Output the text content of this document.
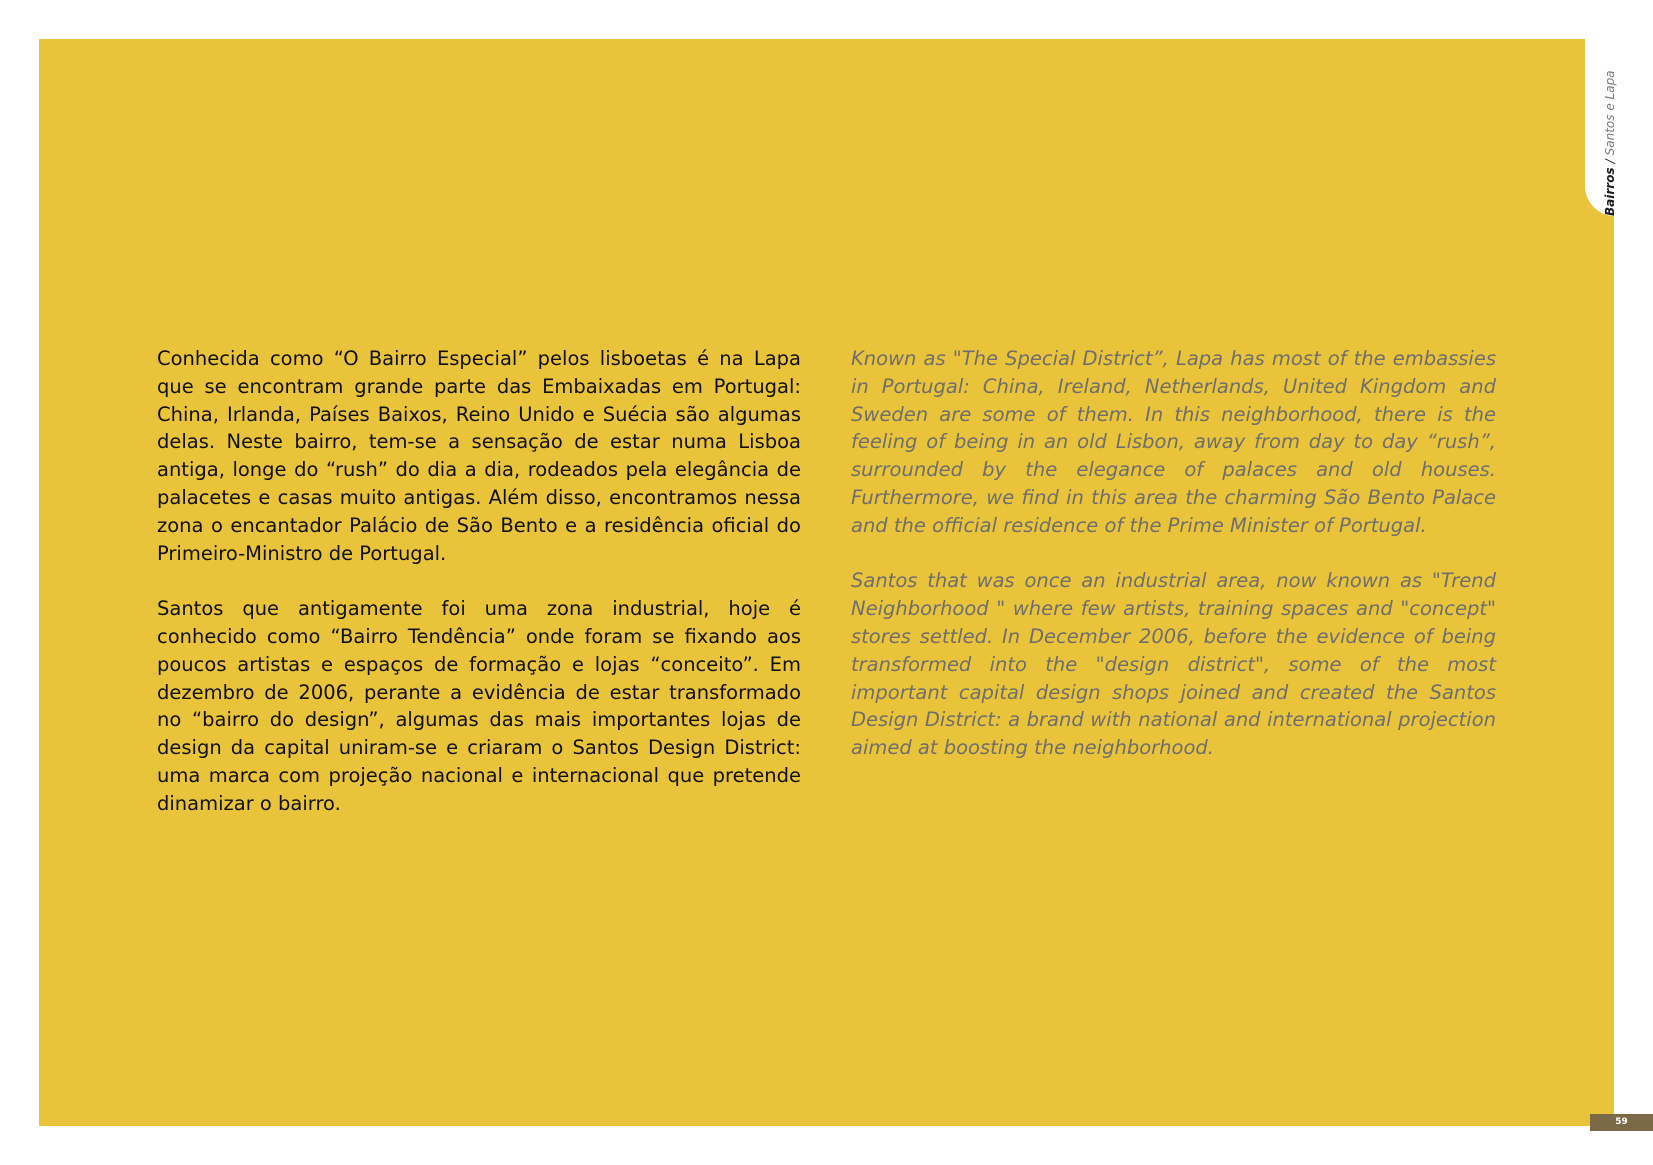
Bairros/Santos e Lapa

Conhecida como “O Bairro Especial” pelos lisboetas é na Lapa que se encontram grande parte das Embaixadas em Portugal: China, Irlanda, Países Baixos, Reino Unido e Suécia são algumas delas. Neste bairro, tem-se a sensação de estar numa Lisboa antiga, longe do “rush” do dia a dia, rodeados pela elegância de palacetes e casas muito antigas. Além disso, encontramos nessa zona o encantador Palácio de São Bento e a residência oficial do Primeiro-Ministro de Portugal.

Santos que antigamente foi uma zona industrial, hoje é conhecido como “Bairro Tendência” onde foram se fixando aos poucos artistas e espaços de formação e lojas “conceito”. Em dezembro de 2006, perante a evidência de estar transformado no “bairro do design”, algumas das mais importantes lojas de design da capital uniram-se e criaram o Santos Design District: uma marca com projeção nacional e internacional que pretende dinamizar o bairro.

Known as "The Special District”, Lapa has most of the embassies in Portugal: China, Ireland, Netherlands, United Kingdom and Sweden are some of them. In this neighborhood, there is the feeling of being in an old Lisbon, away from day to day “rush”, surrounded by the elegance of palaces and old houses. Furthermore, we find in this area the charming São Bento Palace and the official residence of the Prime Minister of Portugal.

Santos that was once an industrial area, now known as "Trend Neighborhood " where few artists, training spaces and "concept" stores settled. In December 2006, before the evidence of being transformed into the "design district", some of the most important capital design shops joined and created the Santos Design District: a brand with national and international projection aimed at boosting the neighborhood.

59
